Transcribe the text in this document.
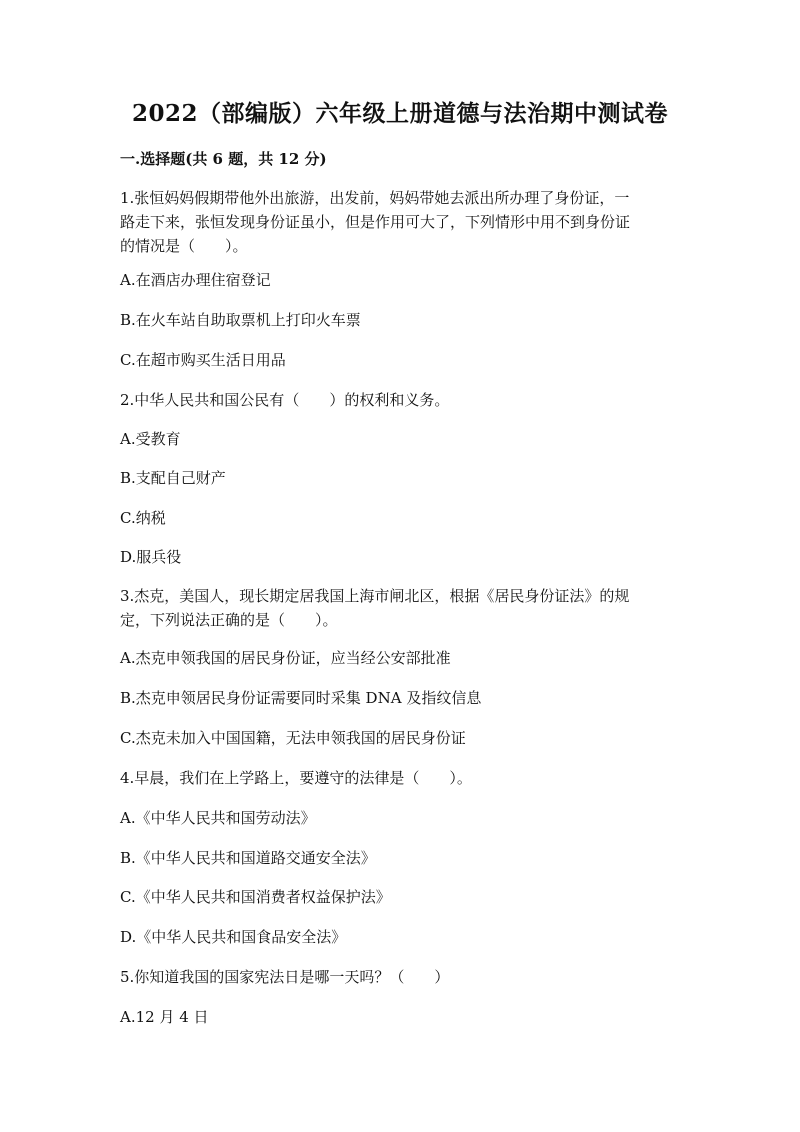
2022（部编版）六年级上册道德与法治期中测试卷
一.选择题(共 6 题，共 12 分)
1.张恒妈妈假期带他外出旅游，出发前，妈妈带她去派出所办理了身份证，一
路走下来，张恒发现身份证虽小，但是作用可大了，下列情形中用不到身份证
的情况是（　　）。

A.在酒店办理住宿登记

B.在火车站自助取票机上打印火车票

C.在超市购买生活日用品

2.中华人民共和国公民有（　　）的权利和义务。

A.受教育

B.支配自己财产

C.纳税

D.服兵役

3.杰克，美国人，现长期定居我国上海市闸北区，根据《居民身份证法》的规
定，下列说法正确的是（　　）。

A.杰克申领我国的居民身份证，应当经公安部批准

B.杰克申领居民身份证需要同时采集 DNA 及指纹信息

C.杰克未加入中国国籍，无法申领我国的居民身份证

4.早晨，我们在上学路上，要遵守的法律是（　　）。

A.《中华人民共和国劳动法》

B.《中华人民共和国道路交通安全法》

C.《中华人民共和国消费者权益保护法》

D.《中华人民共和国食品安全法》

5.你知道我国的国家宪法日是哪一天吗？（　　）

A.12 月 4 日
